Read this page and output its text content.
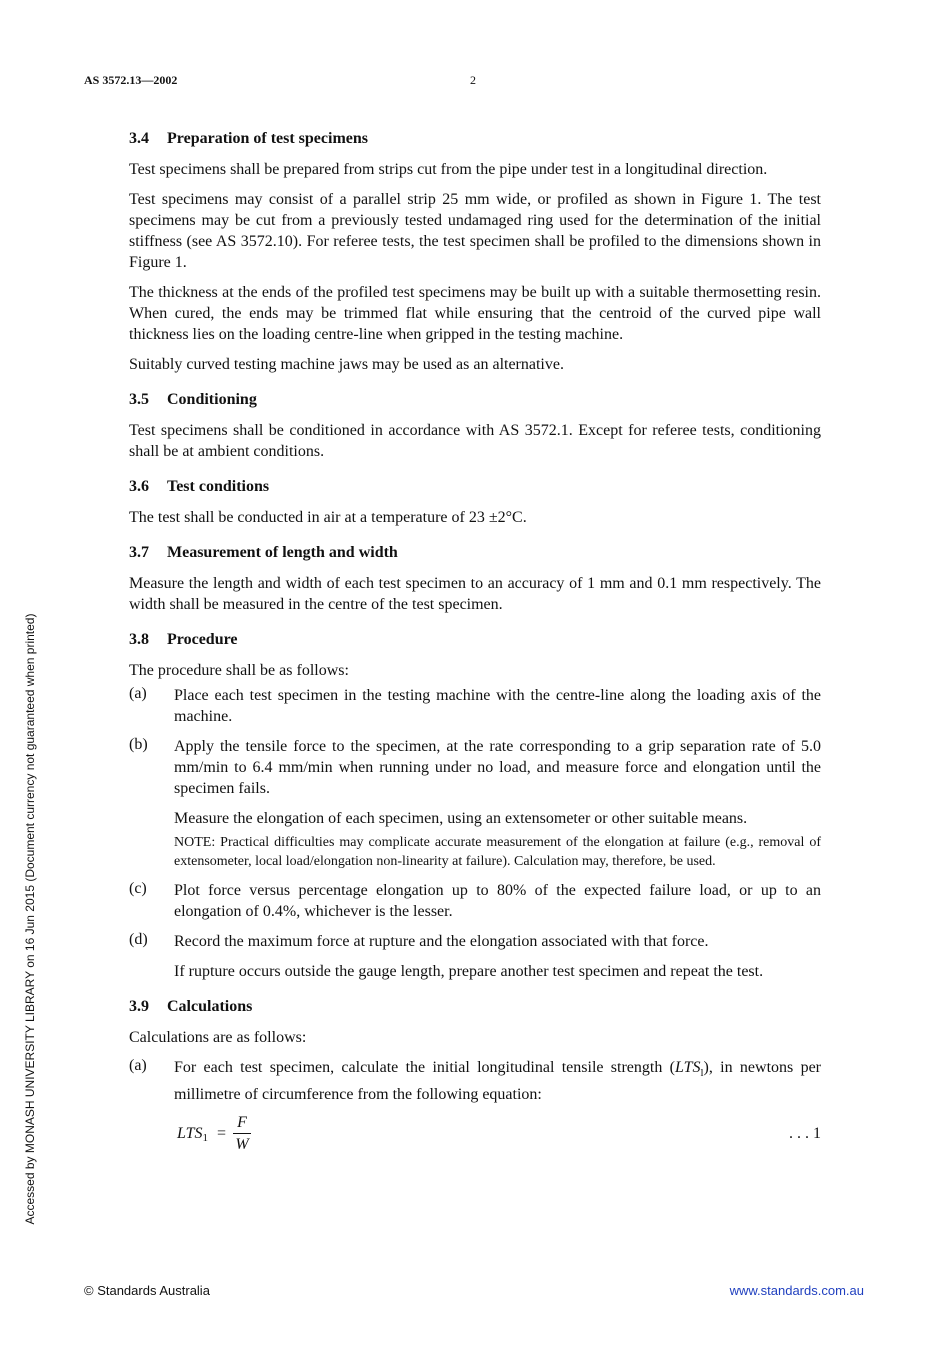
AS 3572.13—2002	2
Accessed by MONASH UNIVERSITY LIBRARY on 16 Jun 2015 (Document currency not guaranteed when printed)
3.4 Preparation of test specimens

Test specimens shall be prepared from strips cut from the pipe under test in a longitudinal direction.

Test specimens may consist of a parallel strip 25 mm wide, or profiled as shown in Figure 1. The test specimens may be cut from a previously tested undamaged ring used for the determination of the initial stiffness (see AS 3572.10). For referee tests, the test specimen shall be profiled to the dimensions shown in Figure 1.

The thickness at the ends of the profiled test specimens may be built up with a suitable thermosetting resin. When cured, the ends may be trimmed flat while ensuring that the centroid of the curved pipe wall thickness lies on the loading centre-line when gripped in the testing machine.

Suitably curved testing machine jaws may be used as an alternative.

3.5 Conditioning

Test specimens shall be conditioned in accordance with AS 3572.1. Except for referee tests, conditioning shall be at ambient conditions.

3.6 Test conditions

The test shall be conducted in air at a temperature of 23 ±2°C.

3.7 Measurement of length and width

Measure the length and width of each test specimen to an accuracy of 1 mm and 0.1 mm respectively. The width shall be measured in the centre of the test specimen.

3.8 Procedure

The procedure shall be as follows:

(a) Place each test specimen in the testing machine with the centre-line along the loading axis of the machine.

(b) Apply the tensile force to the specimen, at the rate corresponding to a grip separation rate of 5.0 mm/min to 6.4 mm/min when running under no load, and measure force and elongation until the specimen fails.

Measure the elongation of each specimen, using an extensometer or other suitable means.

NOTE: Practical difficulties may complicate accurate measurement of the elongation at failure (e.g., removal of extensometer, local load/elongation non-linearity at failure). Calculation may, therefore, be used.

(c) Plot force versus percentage elongation up to 80% of the expected failure load, or up to an elongation of 0.4%, whichever is the lesser.

(d) Record the maximum force at rupture and the elongation associated with that force.

If rupture occurs outside the gauge length, prepare another test specimen and repeat the test.

3.9 Calculations

Calculations are as follows:

(a) For each test specimen, calculate the initial longitudinal tensile strength $(LTS_l)$, in newtons per millimetre of circumference from the following equation:

$LTS1 = \frac{F}{W}$	. . . 1
© Standards Australia	www.standards.com.au
